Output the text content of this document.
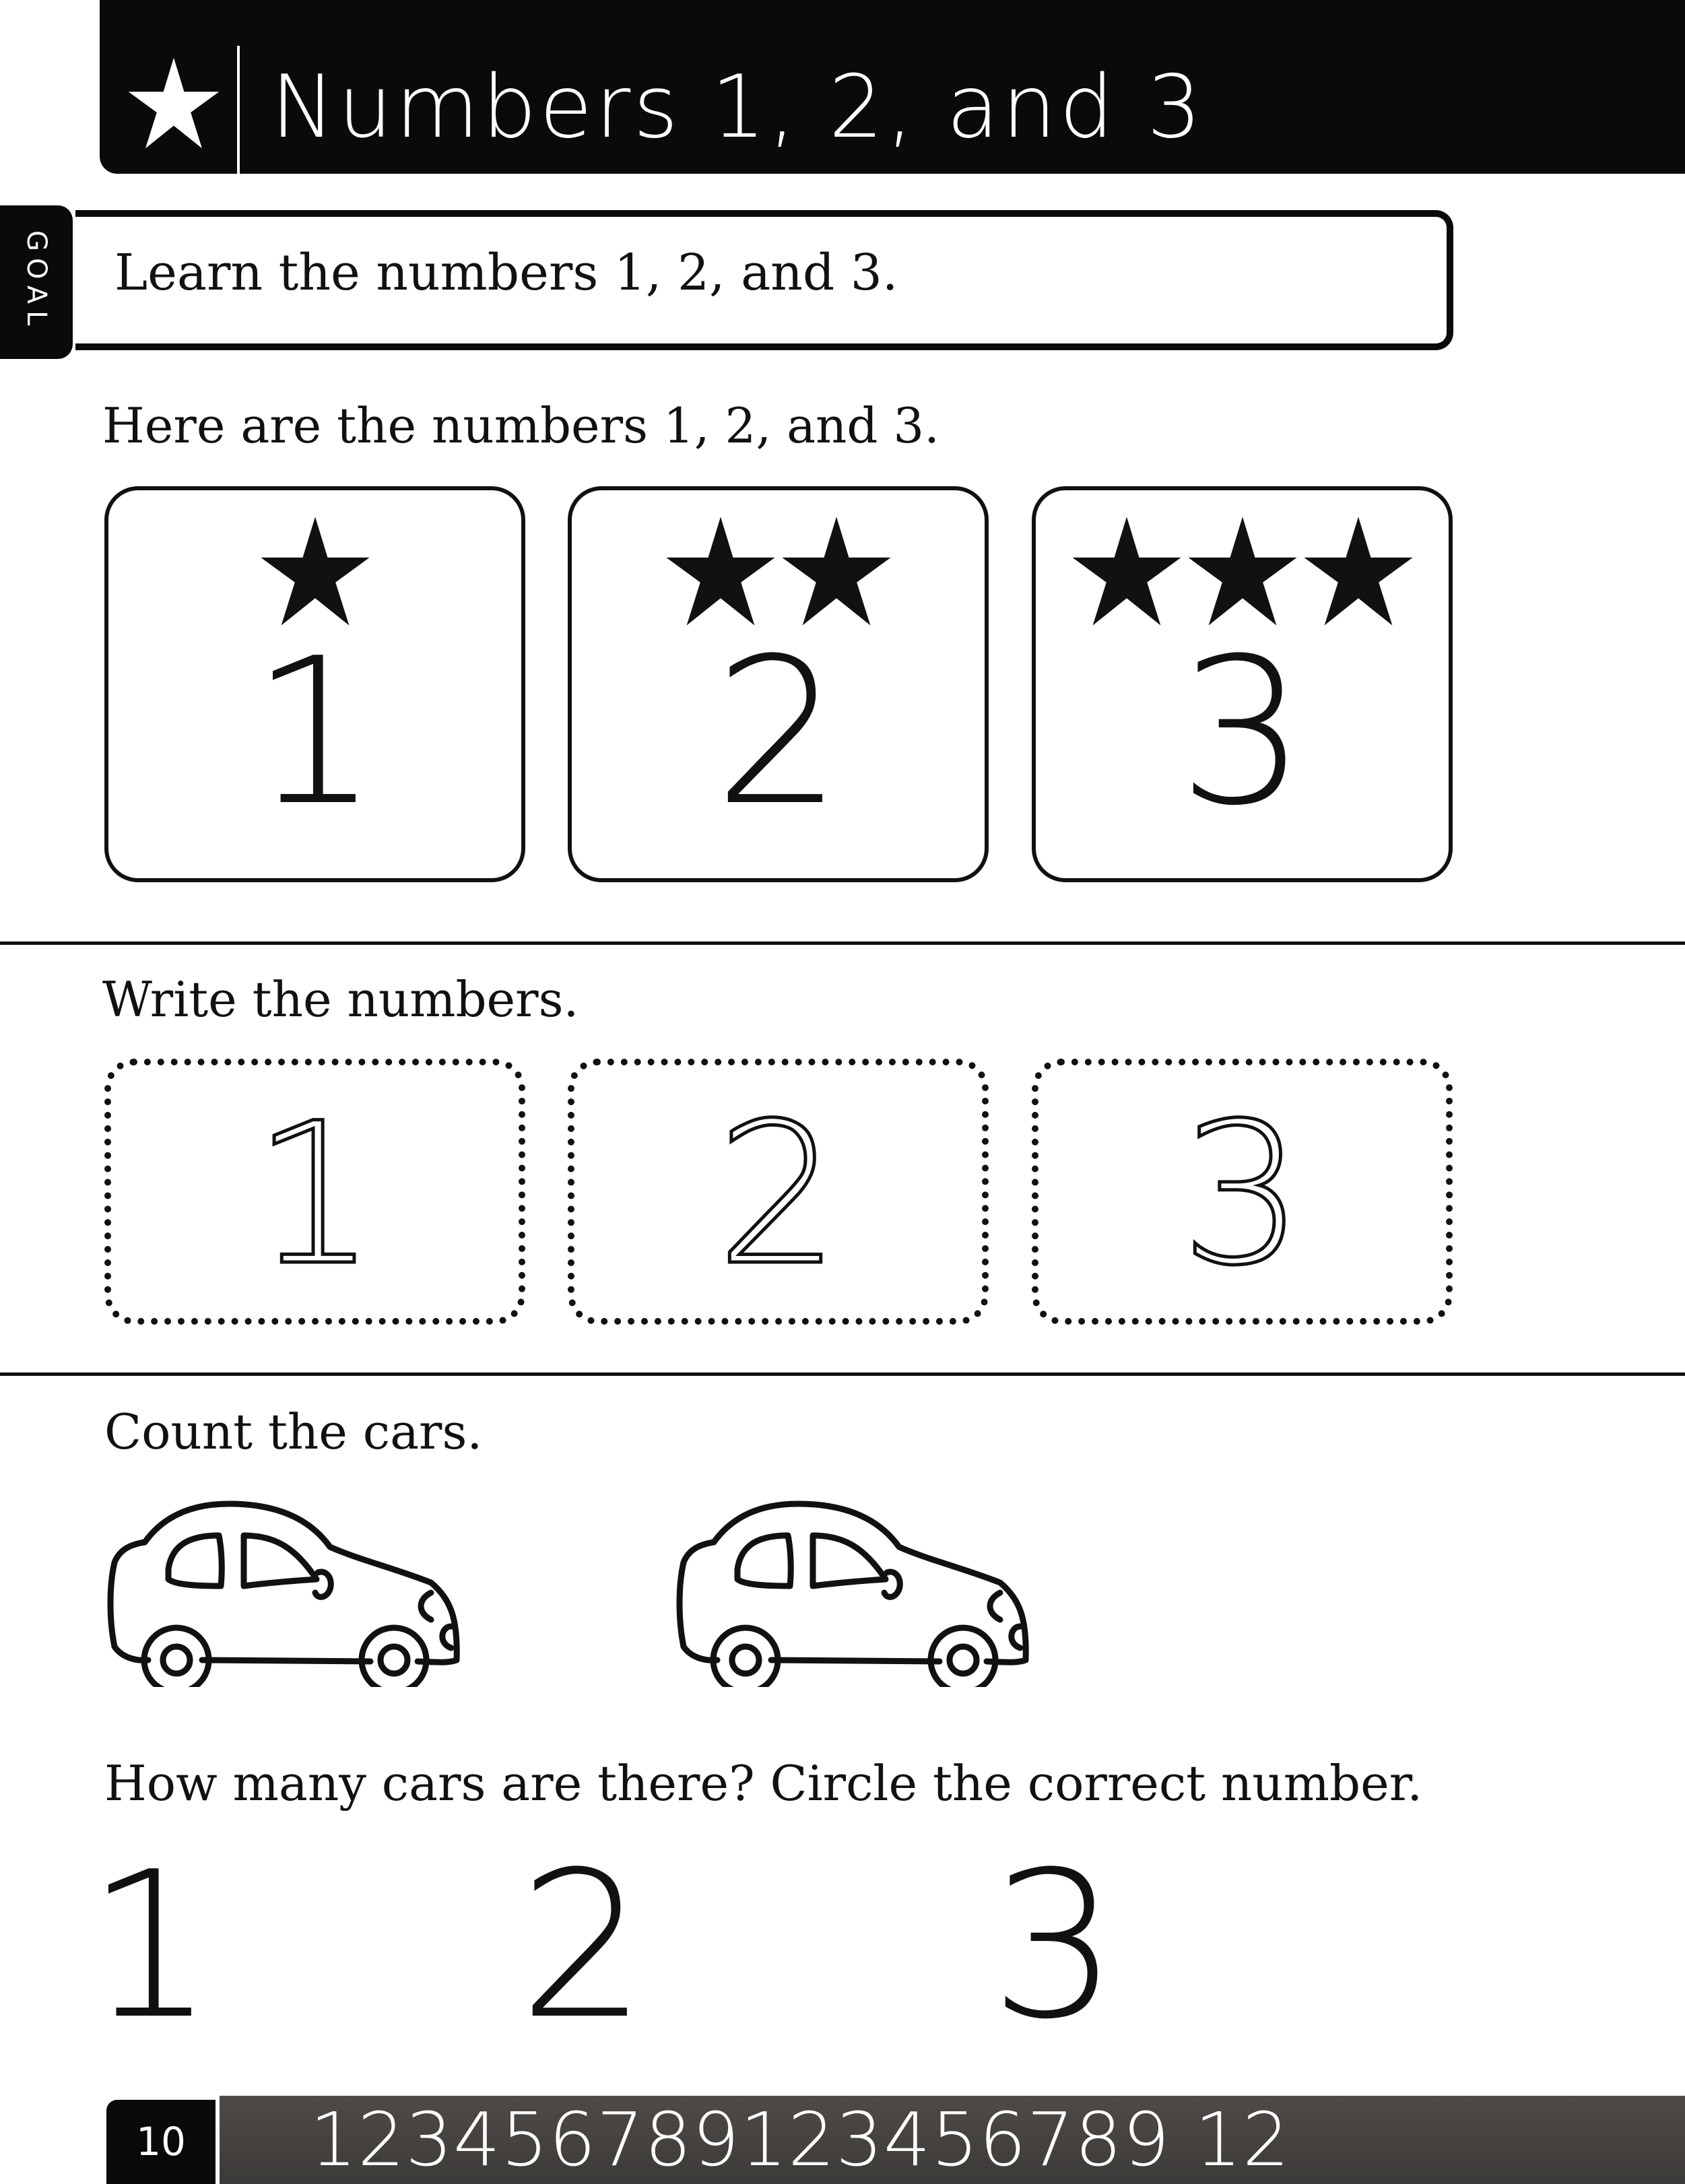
Numbers 1, 2, and 3
GOAL Learn the numbers 1, 2, and 3.
Here are the numbers 1, 2, and 3.
1	2	3
Write the numbers.
1	2	3
Count the cars.
How many cars are there? Circle the correct number.
1 2 3
10	123456789123456789 12
